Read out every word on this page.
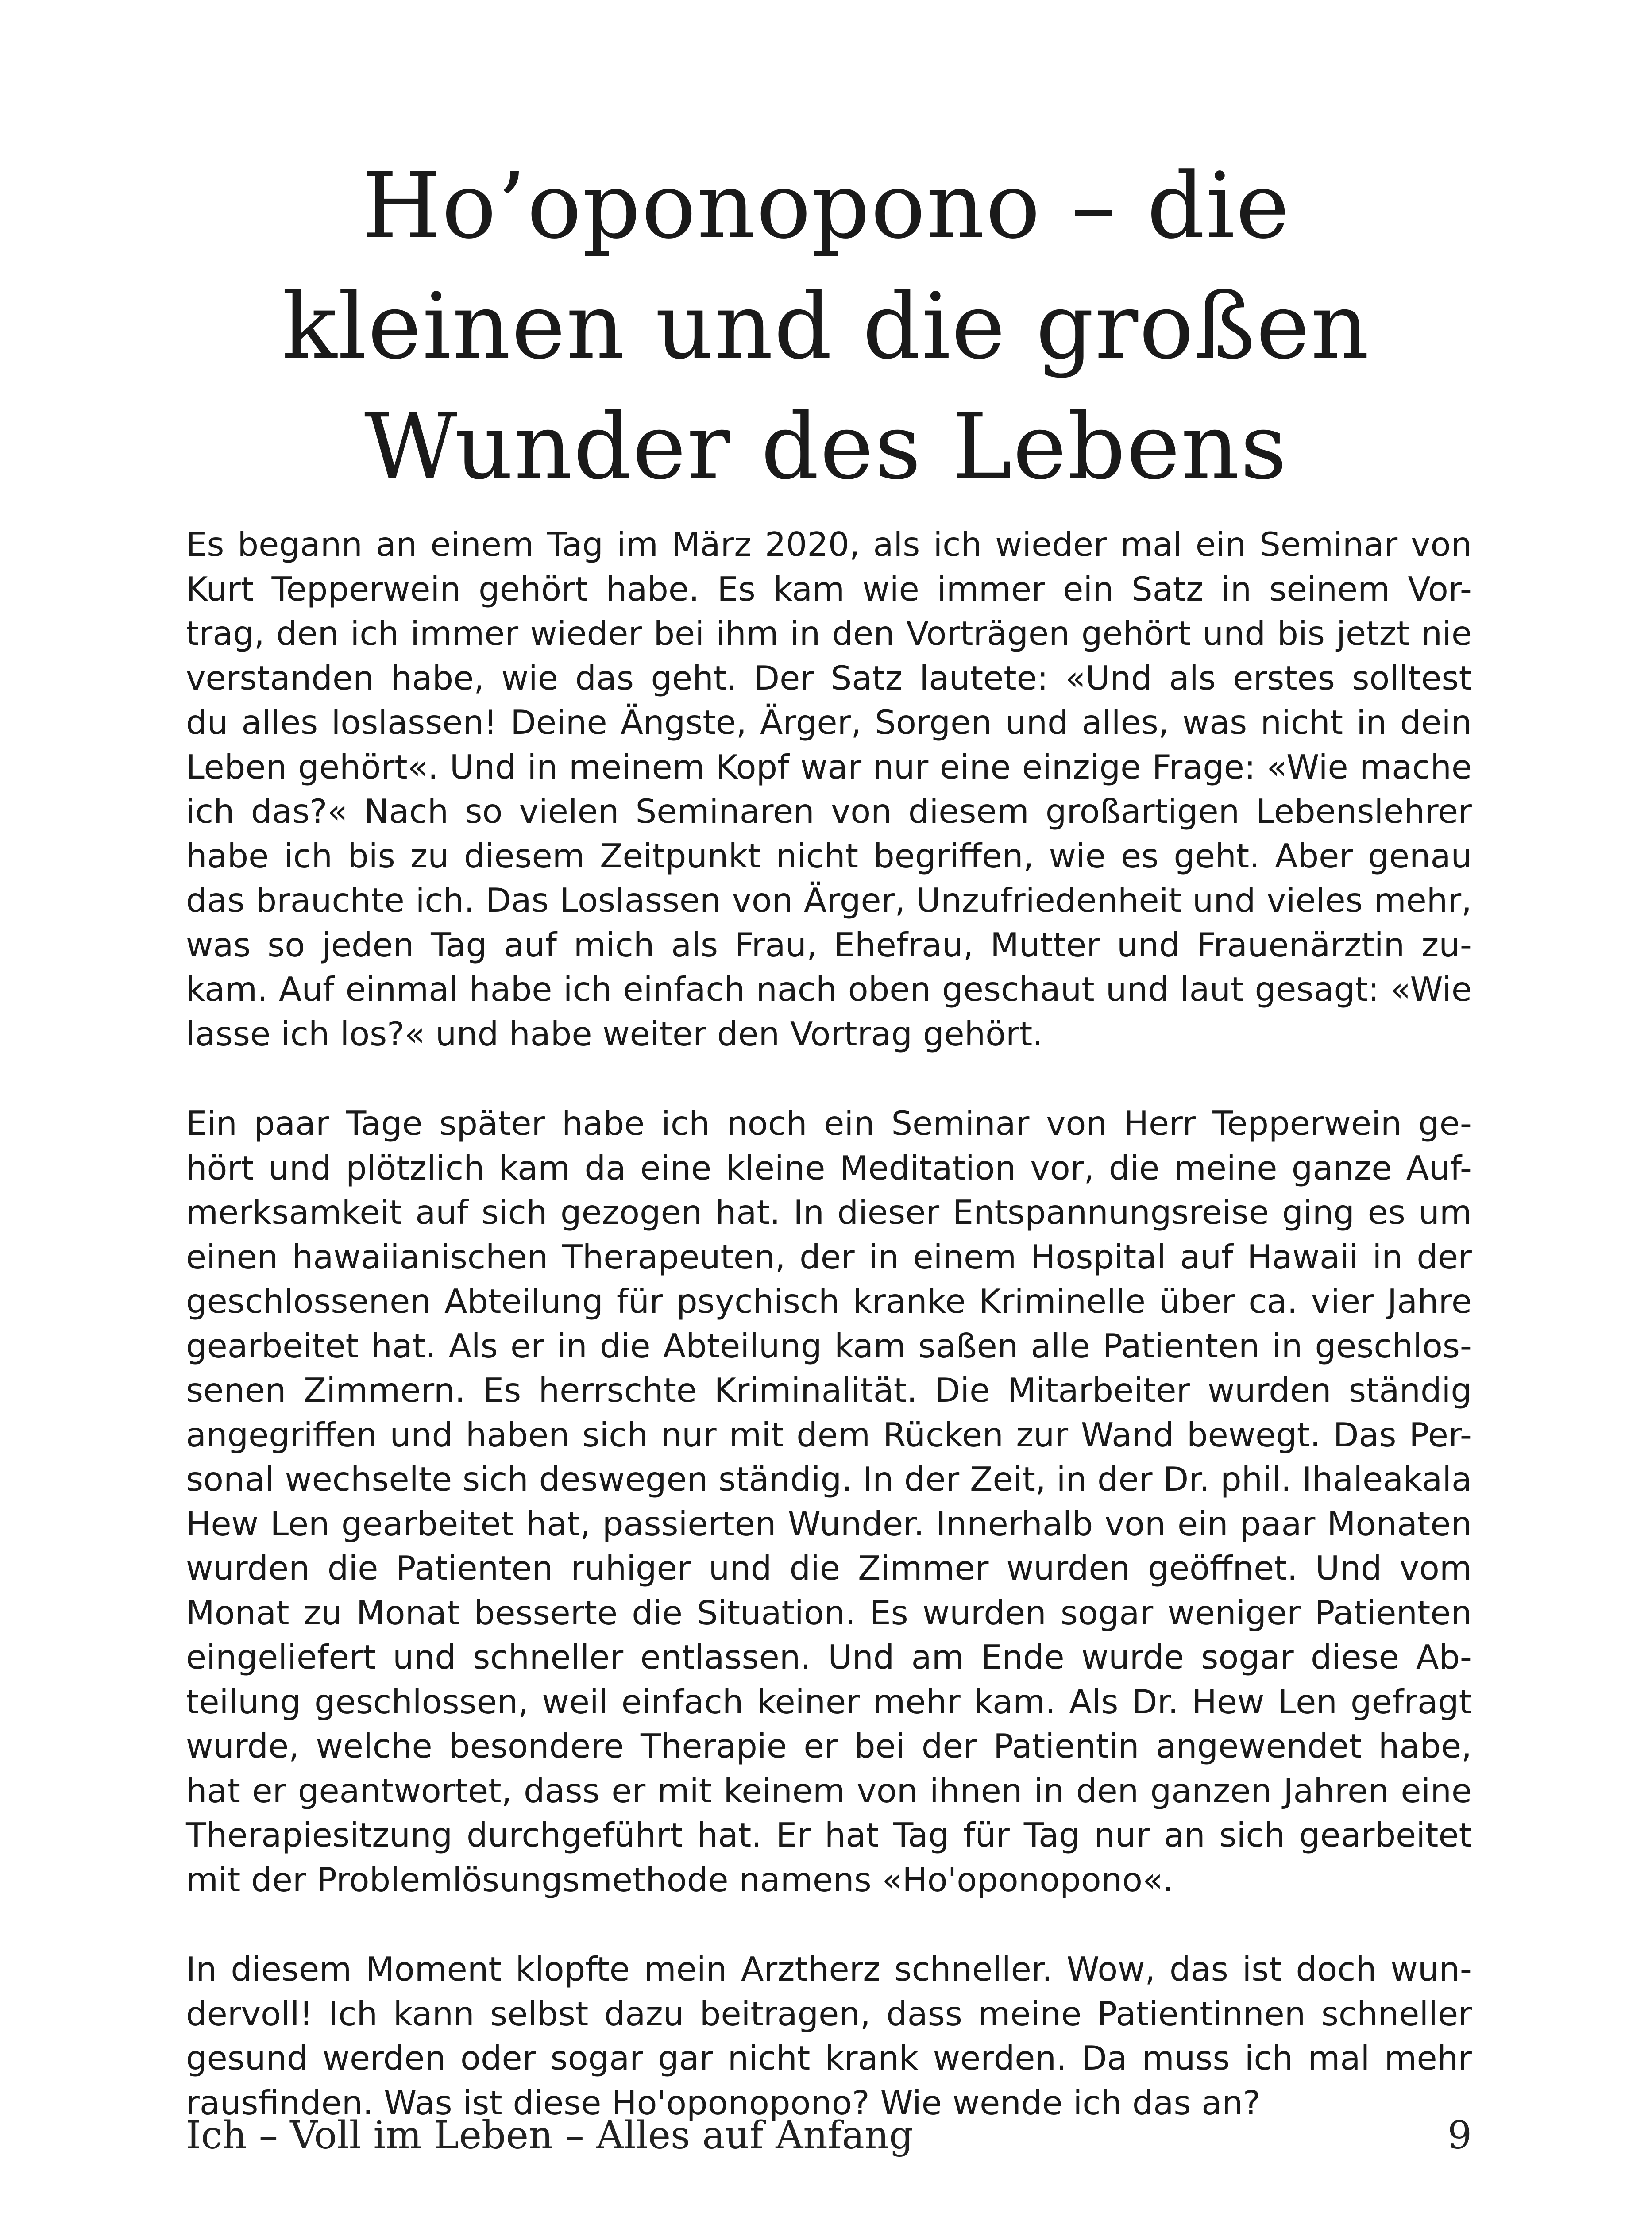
Ho’oponopono – die
kleinen und die großen
Wunder des Lebens

Es begann an einem Tag im März 2020, als ich wieder mal ein Seminar von
Kurt Tepperwein gehört habe. Es kam wie immer ein Satz in seinem Vor-
trag, den ich immer wieder bei ihm in den Vorträgen gehört und bis jetzt nie
verstanden habe, wie das geht. Der Satz lautete: «Und als erstes solltest
du alles loslassen! Deine Ängste, Ärger, Sorgen und alles, was nicht in dein
Leben gehört«. Und in meinem Kopf war nur eine einzige Frage: «Wie mache
ich das?« Nach so vielen Seminaren von diesem großartigen Lebenslehrer
habe ich bis zu diesem Zeitpunkt nicht begriffen, wie es geht. Aber genau
das brauchte ich. Das Loslassen von Ärger, Unzufriedenheit und vieles mehr,
was so jeden Tag auf mich als Frau, Ehefrau, Mutter und Frauenärztin zu-
kam. Auf einmal habe ich einfach nach oben geschaut und laut gesagt: «Wie
lasse ich los?« und habe weiter den Vortrag gehört.

Ein paar Tage später habe ich noch ein Seminar von Herr Tepperwein ge-
hört und plötzlich kam da eine kleine Meditation vor, die meine ganze Auf-
merksamkeit auf sich gezogen hat. In dieser Entspannungsreise ging es um
einen hawaiianischen Therapeuten, der in einem Hospital auf Hawaii in der
geschlossenen Abteilung für psychisch kranke Kriminelle über ca. vier Jahre
gearbeitet hat. Als er in die Abteilung kam saßen alle Patienten in geschlos-
senen Zimmern. Es herrschte Kriminalität. Die Mitarbeiter wurden ständig
angegriffen und haben sich nur mit dem Rücken zur Wand bewegt. Das Per-
sonal wechselte sich deswegen ständig. In der Zeit, in der Dr. phil. Ihaleakala
Hew Len gearbeitet hat, passierten Wunder. Innerhalb von ein paar Monaten
wurden die Patienten ruhiger und die Zimmer wurden geöffnet. Und vom
Monat zu Monat besserte die Situation. Es wurden sogar weniger Patienten
eingeliefert und schneller entlassen. Und am Ende wurde sogar diese Ab-
teilung geschlossen, weil einfach keiner mehr kam. Als Dr. Hew Len gefragt
wurde, welche besondere Therapie er bei der Patientin angewendet habe,
hat er geantwortet, dass er mit keinem von ihnen in den ganzen Jahren eine
Therapiesitzung durchgeführt hat. Er hat Tag für Tag nur an sich gearbeitet
mit der Problemlösungsmethode namens «Ho'oponopono«.

In diesem Moment klopfte mein Arztherz schneller. Wow, das ist doch wun-
dervoll! Ich kann selbst dazu beitragen, dass meine Patientinnen schneller
gesund werden oder sogar gar nicht krank werden. Da muss ich mal mehr
rausfinden. Was ist diese Ho'oponopono? Wie wende ich das an?

Ich – Voll im Leben – Alles auf Anfang	9
